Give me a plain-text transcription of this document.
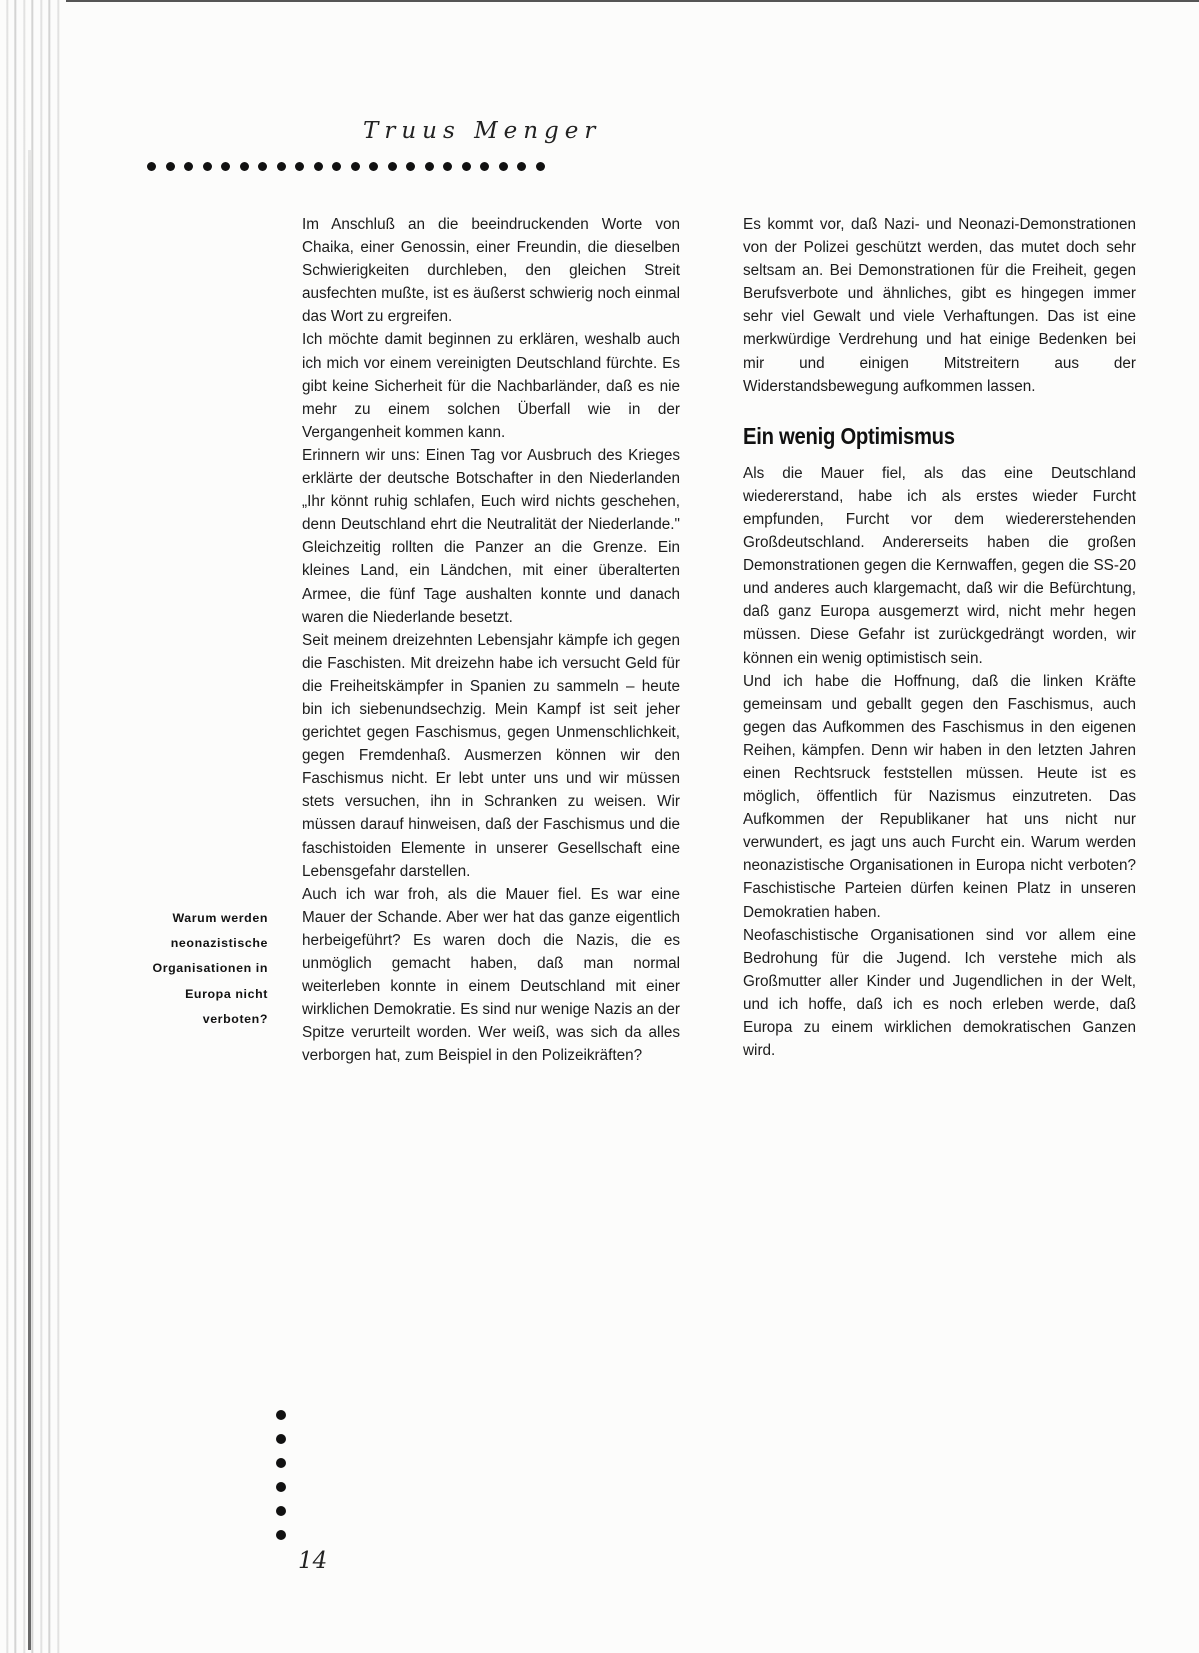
Truus Menger
Warum werden neonazistische Organisationen in Europa nicht verboten?

Im Anschluß an die beeindruckenden Worte von Chaika, einer Genossin, einer Freundin, die dieselben Schwierigkeiten durchleben, den gleichen Streit ausfechten mußte, ist es äußerst schwierig noch einmal das Wort zu ergreifen.

Ich möchte damit beginnen zu erklären, weshalb auch ich mich vor einem vereinigten Deutschland fürchte. Es gibt keine Sicherheit für die Nachbarländer, daß es nie mehr zu einem solchen Überfall wie in der Vergangenheit kommen kann.

Erinnern wir uns: Einen Tag vor Ausbruch des Krieges erklärte der deutsche Botschafter in den Niederlanden „Ihr könnt ruhig schlafen, Euch wird nichts geschehen, denn Deutschland ehrt die Neutralität der Niederlande." Gleichzeitig rollten die Panzer an die Grenze. Ein kleines Land, ein Ländchen, mit einer überalterten Armee, die fünf Tage aushalten konnte und danach waren die Niederlande besetzt.

Seit meinem dreizehnten Lebensjahr kämpfe ich gegen die Faschisten. Mit dreizehn habe ich versucht Geld für die Freiheitskämpfer in Spanien zu sammeln – heute bin ich siebenundsechzig. Mein Kampf ist seit jeher gerichtet gegen Faschismus, gegen Unmenschlichkeit, gegen Fremdenhaß. Ausmerzen können wir den Faschismus nicht. Er lebt unter uns und wir müssen stets versuchen, ihn in Schranken zu weisen. Wir müssen darauf hinweisen, daß der Faschismus und die faschistoiden Elemente in unserer Gesellschaft eine Lebensgefahr darstellen.

Auch ich war froh, als die Mauer fiel. Es war eine Mauer der Schande. Aber wer hat das ganze eigentlich herbeigeführt? Es waren doch die Nazis, die es unmöglich gemacht haben, daß man normal weiterleben konnte in einem Deutschland mit einer wirklichen Demokratie. Es sind nur wenige Nazis an der Spitze verurteilt worden. Wer weiß, was sich da alles verborgen hat, zum Beispiel in den Polizeikräften?

Es kommt vor, daß Nazi- und Neonazi-Demonstrationen von der Polizei geschützt werden, das mutet doch sehr seltsam an. Bei Demonstrationen für die Freiheit, gegen Berufsverbote und ähnliches, gibt es hingegen immer sehr viel Gewalt und viele Verhaftungen. Das ist eine merkwürdige Verdrehung und hat einige Bedenken bei mir und einigen Mitstreitern aus der Widerstandsbewegung aufkommen lassen.

Ein wenig Optimismus

Als die Mauer fiel, als das eine Deutschland wiedererstand, habe ich als erstes wieder Furcht empfunden, Furcht vor dem wiedererstehenden Großdeutschland. Andererseits haben die großen Demonstrationen gegen die Kernwaffen, gegen die SS-20 und anderes auch klargemacht, daß wir die Befürchtung, daß ganz Europa ausgemerzt wird, nicht mehr hegen müssen. Diese Gefahr ist zurückgedrängt worden, wir können ein wenig optimistisch sein.

Und ich habe die Hoffnung, daß die linken Kräfte gemeinsam und geballt gegen den Faschismus, auch gegen das Aufkommen des Faschismus in den eigenen Reihen, kämpfen. Denn wir haben in den letzten Jahren einen Rechtsruck feststellen müssen. Heute ist es möglich, öffentlich für Nazismus einzutreten. Das Aufkommen der Republikaner hat uns nicht nur verwundert, es jagt uns auch Furcht ein. Warum werden neonazistische Organisationen in Europa nicht verboten? Faschistische Parteien dürfen keinen Platz in unseren Demokratien haben.

Neofaschistische Organisationen sind vor allem eine Bedrohung für die Jugend. Ich verstehe mich als Großmutter aller Kinder und Jugendlichen in der Welt, und ich hoffe, daß ich es noch erleben werde, daß Europa zu einem wirklichen demokratischen Ganzen wird.

14
